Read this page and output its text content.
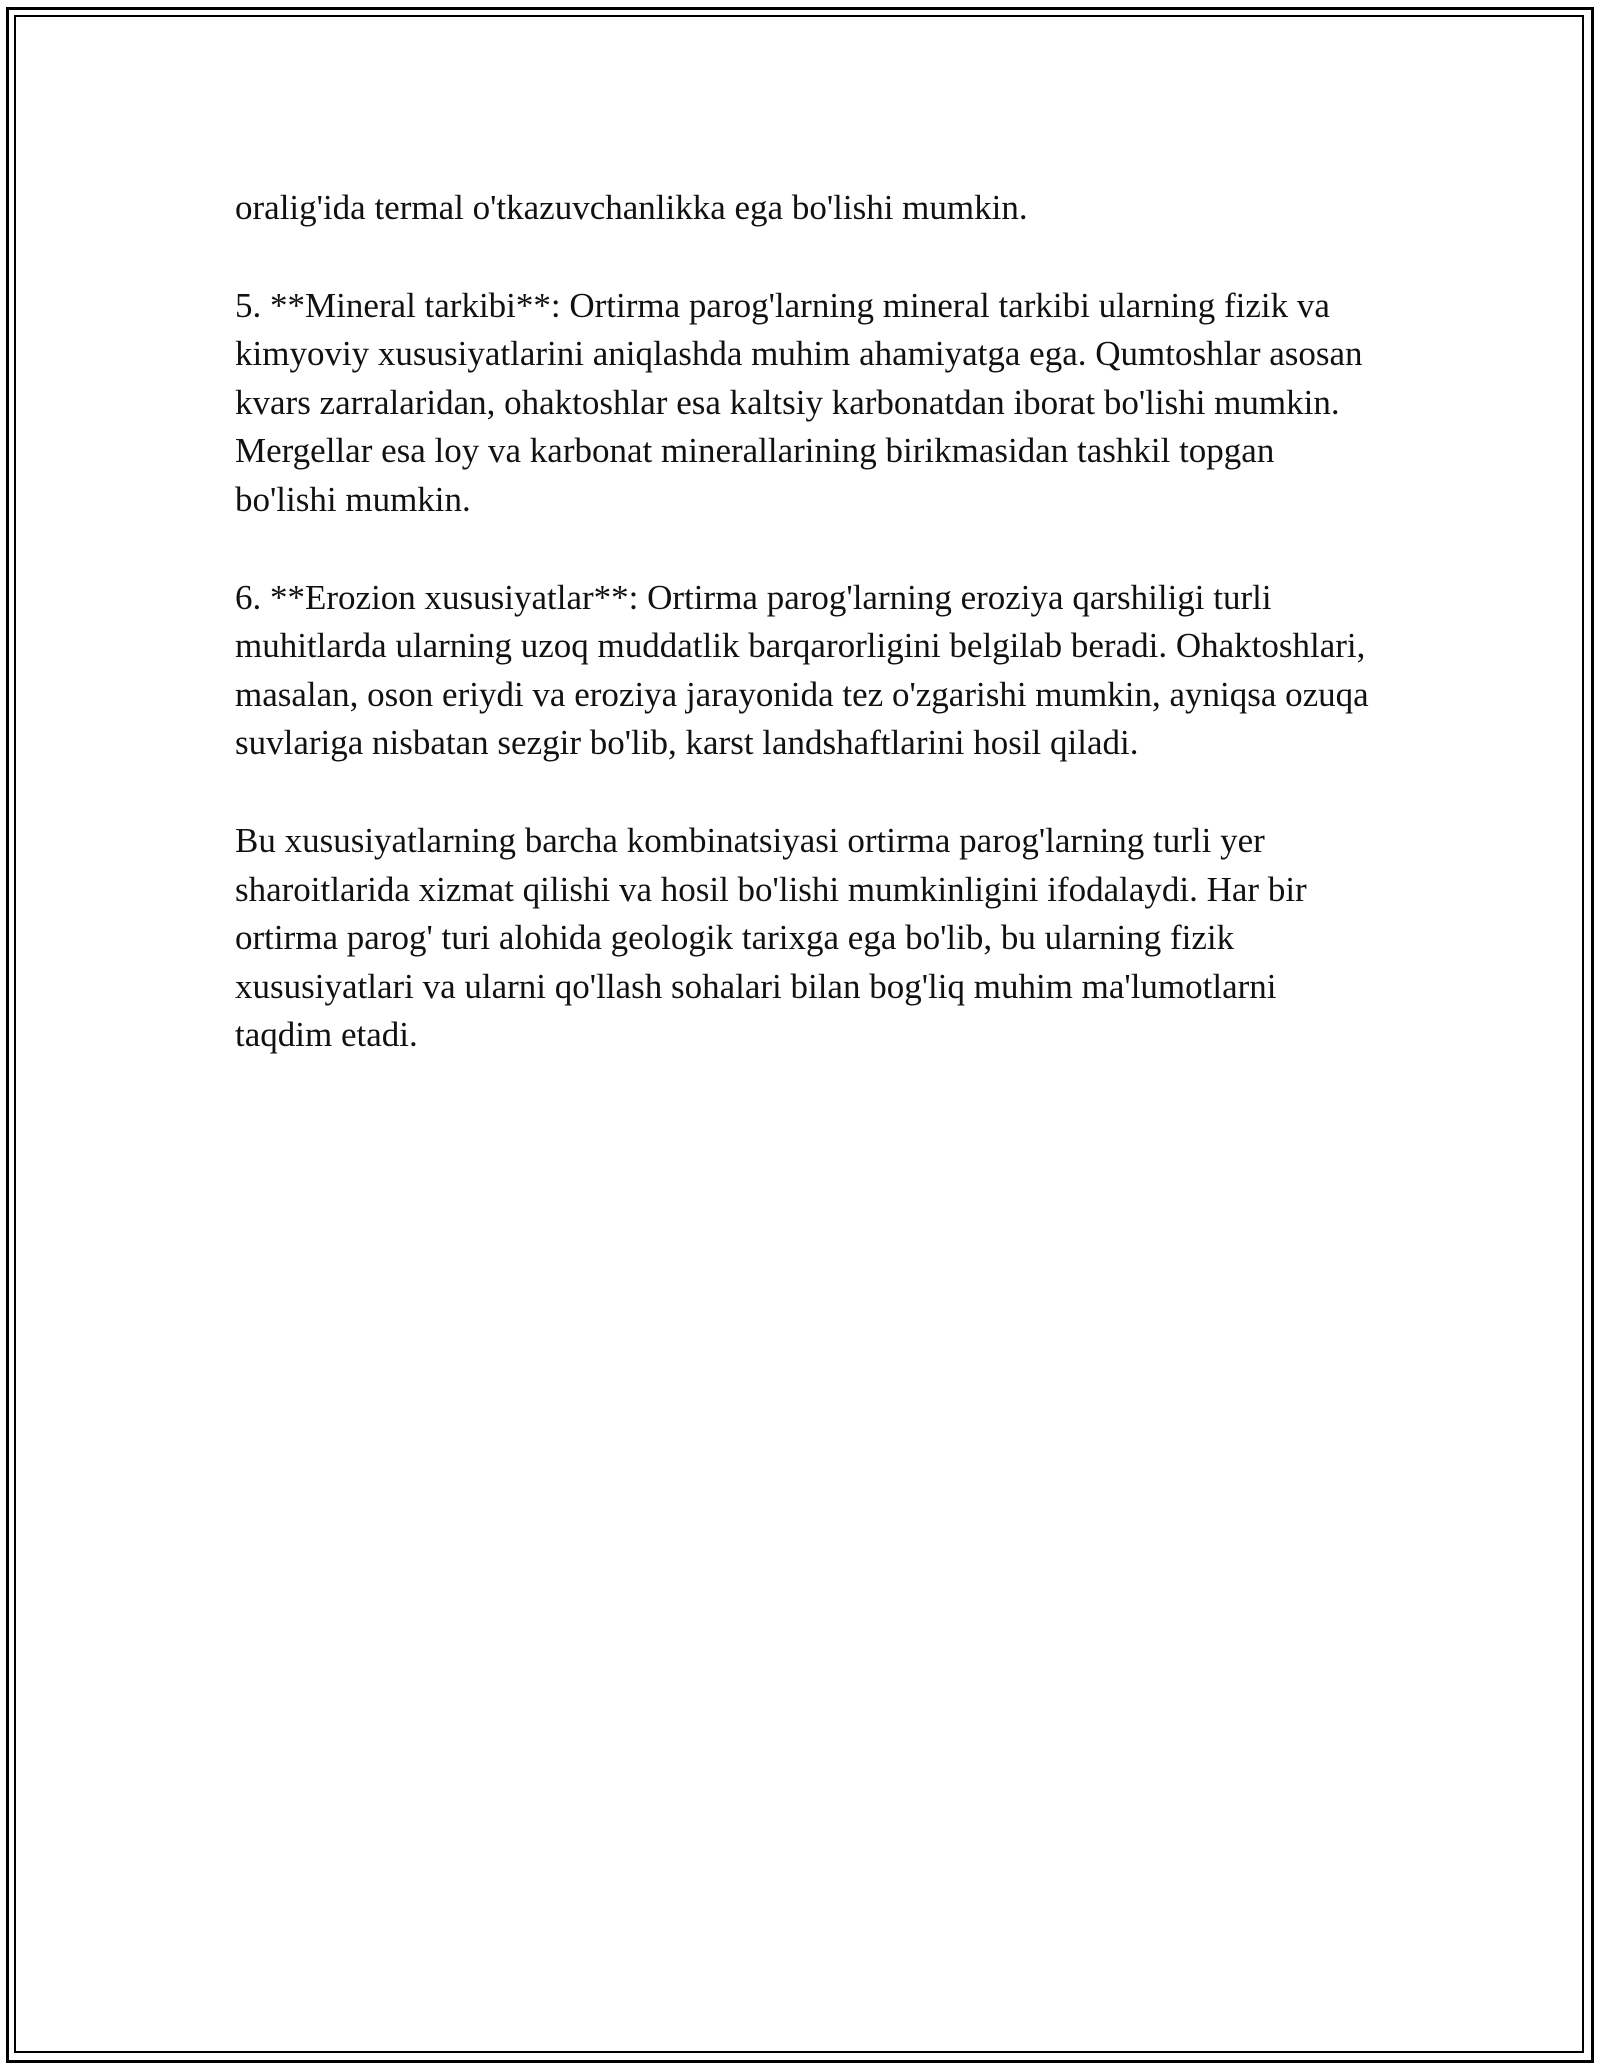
oralig'ida termal o'tkazuvchanlikka ega bo'lishi mumkin.

5. **Mineral tarkibi**: Ortirma parog'larning mineral tarkibi ularning fizik va kimyoviy xususiyatlarini aniqlashda muhim ahamiyatga ega. Qumtoshlar asosan kvars zarralaridan, ohaktoshlar esa kaltsiy karbonatdan iborat bo'lishi mumkin. Mergellar esa loy va karbonat minerallarining birikmasidan tashkil topgan bo'lishi mumkin.

6. **Erozion xususiyatlar**: Ortirma parog'larning eroziya qarshiligi turli muhitlarda ularning uzoq muddatlik barqarorligini belgilab beradi. Ohaktoshlari, masalan, oson eriydi va eroziya jarayonida tez o'zgarishi mumkin, ayniqsa ozuqa suvlariga nisbatan sezgir bo'lib, karst landshaftlarini hosil qiladi.

Bu xususiyatlarning barcha kombinatsiyasi ortirma parog'larning turli yer sharoitlarida xizmat qilishi va hosil bo'lishi mumkinligini ifodalaydi. Har bir ortirma parog' turi alohida geologik tarixga ega bo'lib, bu ularning fizik xususiyatlari va ularni qo'llash sohalari bilan bog'liq muhim ma'lumotlarni taqdim etadi.
